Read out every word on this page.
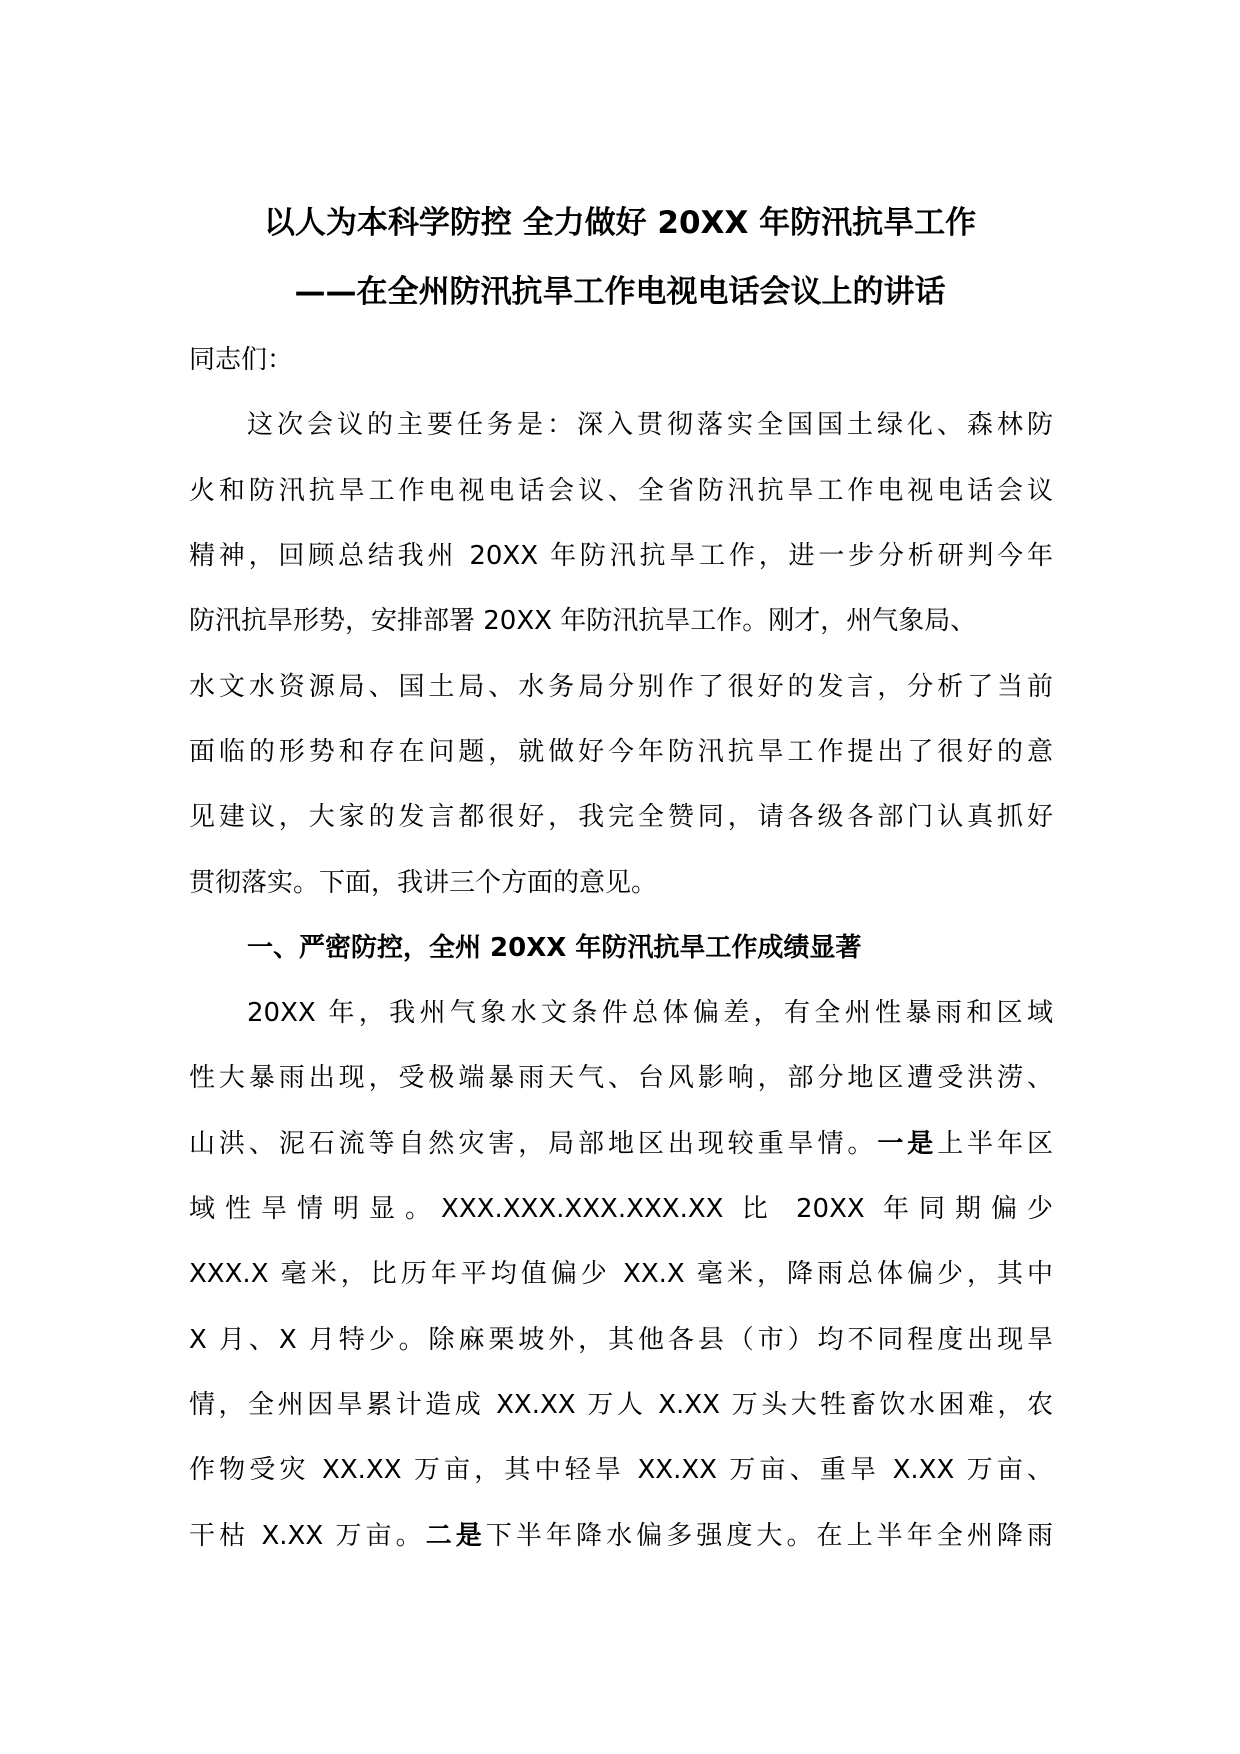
以人为本科学防控 全力做好 20XX 年防汛抗旱工作
——在全州防汛抗旱工作电视电话会议上的讲话
同志们：
这次会议的主要任务是：深入贯彻落实全国国土绿化、森林防
火和防汛抗旱工作电视电话会议、全省防汛抗旱工作电视电话会议
精神，回顾总结我州 20XX 年防汛抗旱工作，进一步分析研判今年
防汛抗旱形势，安排部署 20XX 年防汛抗旱工作。刚才，州气象局、
水文水资源局、国土局、水务局分别作了很好的发言，分析了当前
面临的形势和存在问题，就做好今年防汛抗旱工作提出了很好的意
见建议，大家的发言都很好，我完全赞同，请各级各部门认真抓好
贯彻落实。下面，我讲三个方面的意见。
一、严密防控，全州 20XX 年防汛抗旱工作成绩显著
20XX 年，我州气象水文条件总体偏差，有全州性暴雨和区域
性大暴雨出现，受极端暴雨天气、台风影响，部分地区遭受洪涝、
山洪、泥石流等自然灾害，局部地区出现较重旱情。一是上半年区
域性旱情明显。XXX.XXX.XXX.XXX.XX 比 20XX 年同期偏少
XXX.X 毫米，比历年平均值偏少 XX.X 毫米，降雨总体偏少，其中
X 月、X 月特少。除麻栗坡外，其他各县（市）均不同程度出现旱
情，全州因旱累计造成 XX.XX 万人 X.XX 万头大牲畜饮水困难，农
作物受灾 XX.XX 万亩，其中轻旱 XX.XX 万亩、重旱 X.XX 万亩、
干枯 X.XX 万亩。二是下半年降水偏多强度大。在上半年全州降雨
